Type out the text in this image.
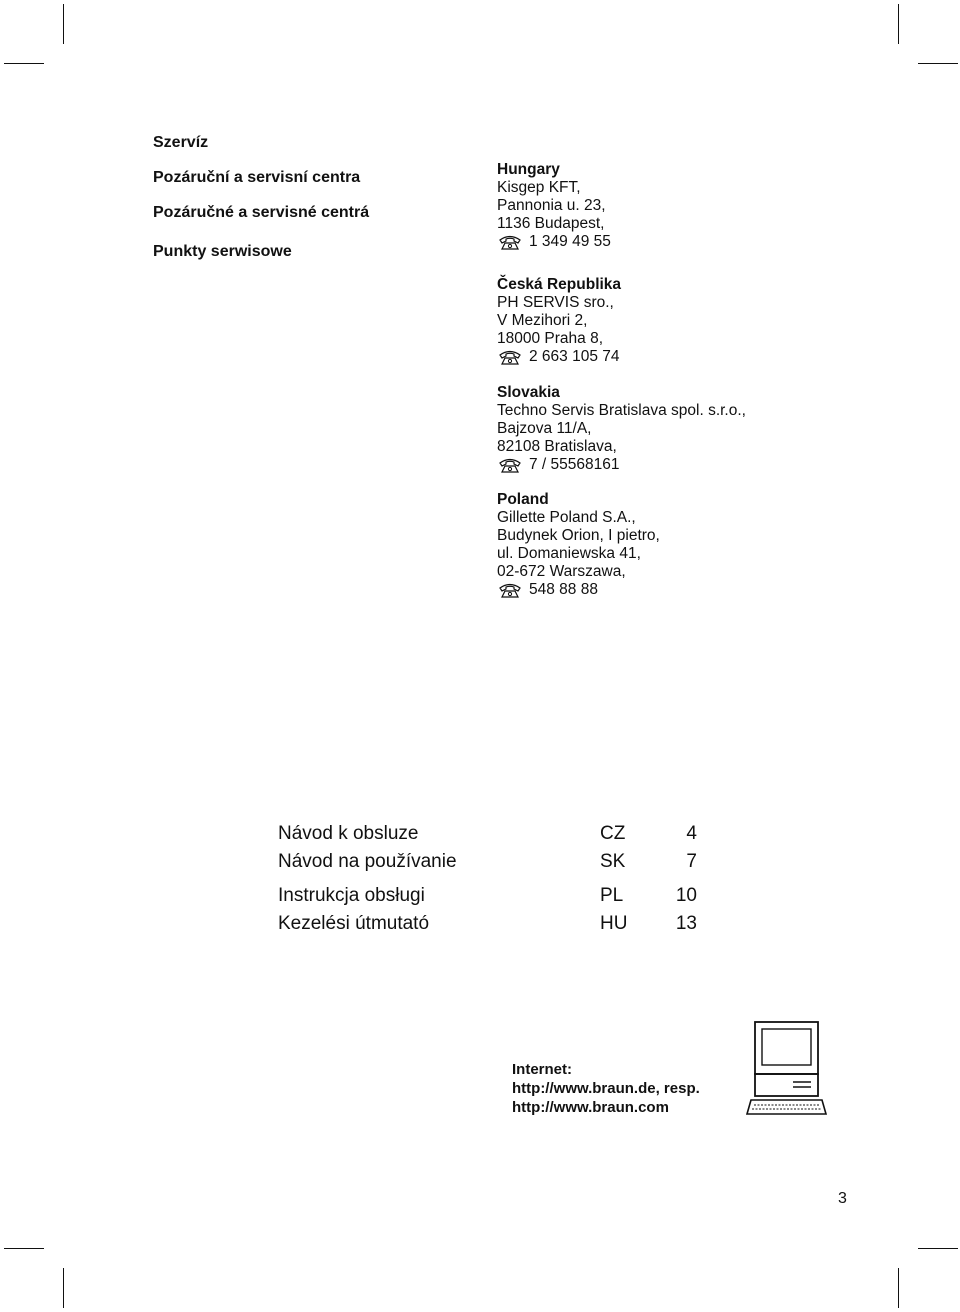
Szervíz
Pozáruční a servisní centra
Pozáručné a servisné centrá
Punkty serwisowe
Hungary
Kisgep KFT,
Pannonia u. 23,
1136 Budapest,
1 349 49 55
Česká Republika
PH SERVIS sro.,
V Mezihori 2,
18000 Praha 8,
2 663 105 74
Slovakia
Techno Servis Bratislava spol. s.r.o.,
Bajzova 11/A,
82108 Bratislava,
7 / 55568161
Poland
Gillette Poland S.A.,
Budynek Orion, I pietro,
ul. Domaniewska 41,
02-672 Warszawa,
548 88 88
Návod k obsluze	CZ	4
Návod na používanie	SK	7
Instrukcja obsługi	PL	10
Kezelési útmutató	HU	13
Internet:
http://www.braun.de, resp.
http://www.braun.com
3
